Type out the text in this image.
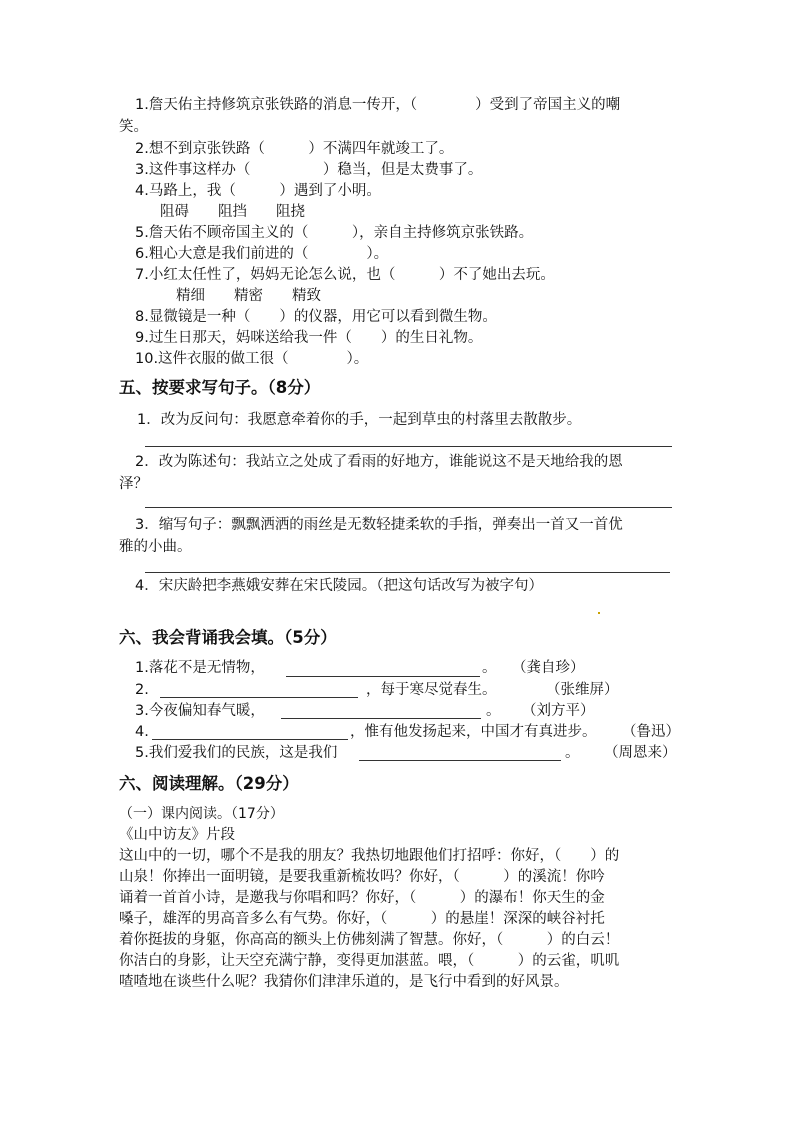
1.詹天佑主持修筑京张铁路的消息一传开，（　　　　）受到了帝国主义的嘲
笑。
2.想不到京张铁路（　　　）不满四年就竣工了。
3.这件事这样办（　　　　　）稳当，但是太费事了。
4.马路上，我（　　　）遇到了小明。
阻碍　　阻挡　　阻挠
5.詹天佑不顾帝国主义的（　　　），亲自主持修筑京张铁路。
6.粗心大意是我们前进的（　　　　）。
7.小红太任性了，妈妈无论怎么说，也（　　　）不了她出去玩。
精细　　精密　　精致
8.显微镜是一种（　　）的仪器，用它可以看到微生物。
9.过生日那天，妈咪送给我一件（　　）的生日礼物。
10.这件衣服的做工很（　　　　）。
五、按要求写句子。（8分）
1．改为反问句：我愿意牵着你的手，一起到草虫的村落里去散散步。
2．改为陈述句：我站立之处成了看雨的好地方，谁能说这不是天地给我的恩
泽？
3．缩写句子：飘飘洒洒的雨丝是无数轻捷柔软的手指，弹奏出一首又一首优
雅的小曲。
4．宋庆龄把李燕娥安葬在宋氏陵园。（把这句话改写为被字句）
六、我会背诵我会填。（5分）
1.落花不是无情物，	。 （龚自珍）
2.	，每于寒尽觉春生。	（张维屏）
3.今夜偏知春气暖，	。 （刘方平）
4.	，惟有他发扬起来，中国才有真进步。 （鲁迅）
5.我们爱我们的民族，这是我们	。 （周恩来）
六、阅读理解。（29分）
（一）课内阅读。（17分）
《山中访友》片段
这山中的一切，哪个不是我的朋友？我热切地跟他们打招呼：你好，（　　）的
山泉！你捧出一面明镜，是要我重新梳妆吗？你好，（　　　）的溪流！你吟
诵着一首首小诗，是邀我与你唱和吗？你好，（　　　）的瀑布！你天生的金
嗓子，雄浑的男高音多么有气势。你好，（　　　）的悬崖！深深的峡谷衬托
着你挺拔的身躯，你高高的额头上仿佛刻满了智慧。你好，（　　　）的白云！
你洁白的身影，让天空充满宁静，变得更加湛蓝。喂，（　　　）的云雀，叽叽
喳喳地在谈些什么呢？我猜你们津津乐道的，是飞行中看到的好风景。
